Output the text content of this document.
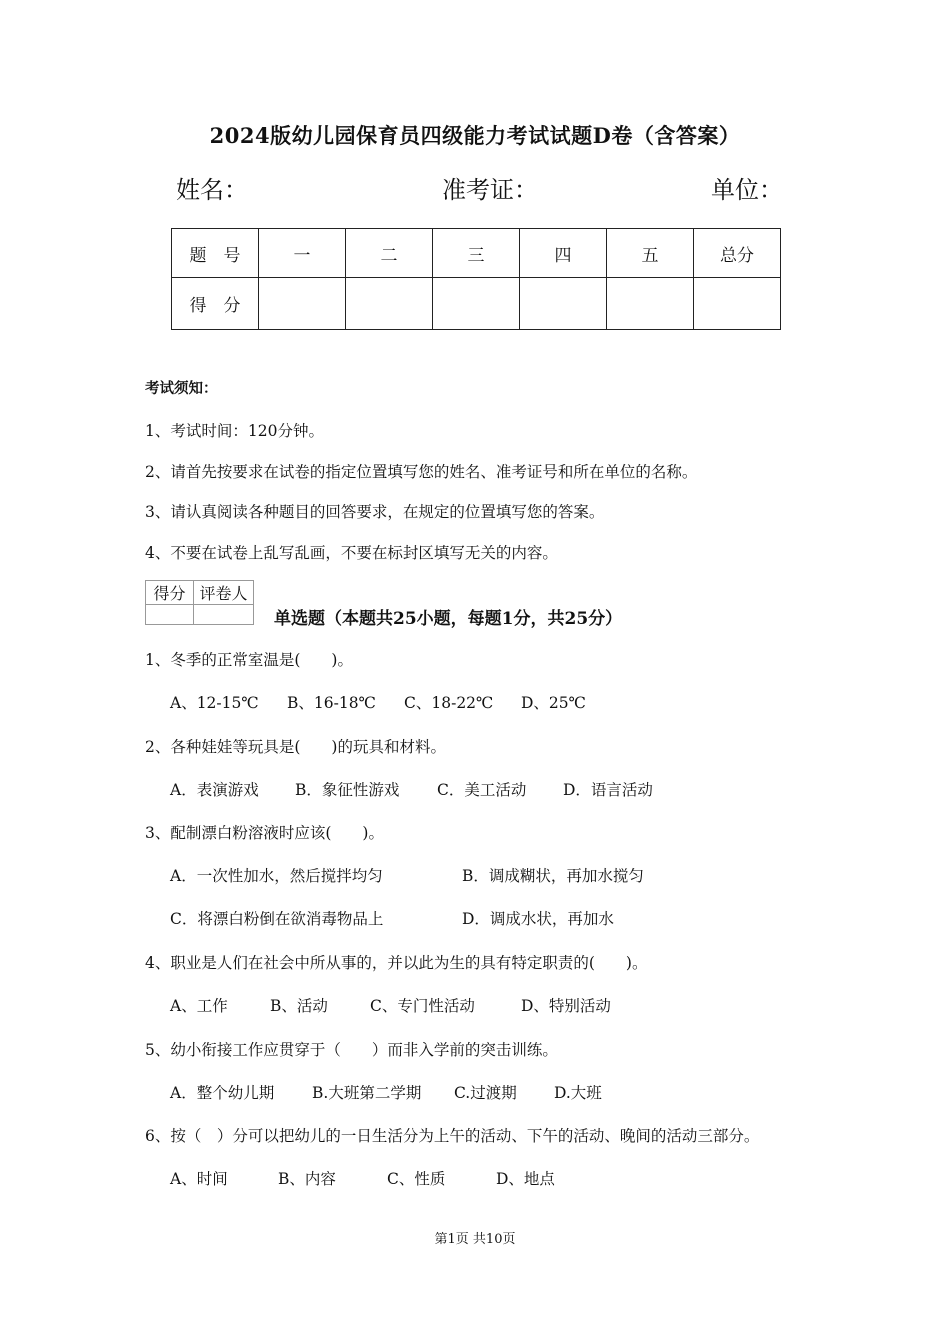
2024版幼儿园保育员四级能力考试试题D卷（含答案）
姓名：	准考证：	单位：
题　号	一	二	三	四	五	总分
得　分						
考试须知：
1、考试时间：120分钟。
2、请首先按要求在试卷的指定位置填写您的姓名、准考证号和所在单位的名称。
3、请认真阅读各种题目的回答要求，在规定的位置填写您的答案。
4、不要在试卷上乱写乱画，不要在标封区填写无关的内容。
得分	评卷人

单选题（本题共25小题，每题1分，共25分）
1、冬季的正常室温是(　　)。
A、12-15℃ B、16-18℃ C、18-22℃ D、25℃
2、各种娃娃等玩具是(　　)的玩具和材料。
A．表演游戏 B．象征性游戏 C．美工活动 D．语言活动
3、配制漂白粉溶液时应该(　　)。
A．一次性加水，然后搅拌均匀	B．调成糊状，再加水搅匀
C．将漂白粉倒在欲消毒物品上	D．调成水状，再加水
4、职业是人们在社会中所从事的，并以此为生的具有特定职责的(　　)。
A、工作	B、活动	C、专门性活动	D、特别活动
5、幼小衔接工作应贯穿于（　　）而非入学前的突击训练。
A．整个幼儿期 B.大班第二学期 C.过渡期 D.大班
6、按（　）分可以把幼儿的一日生活分为上午的活动、下午的活动、晚间的活动三部分。
A、时间	B、内容	C、性质	D、地点
第1页 共10页
